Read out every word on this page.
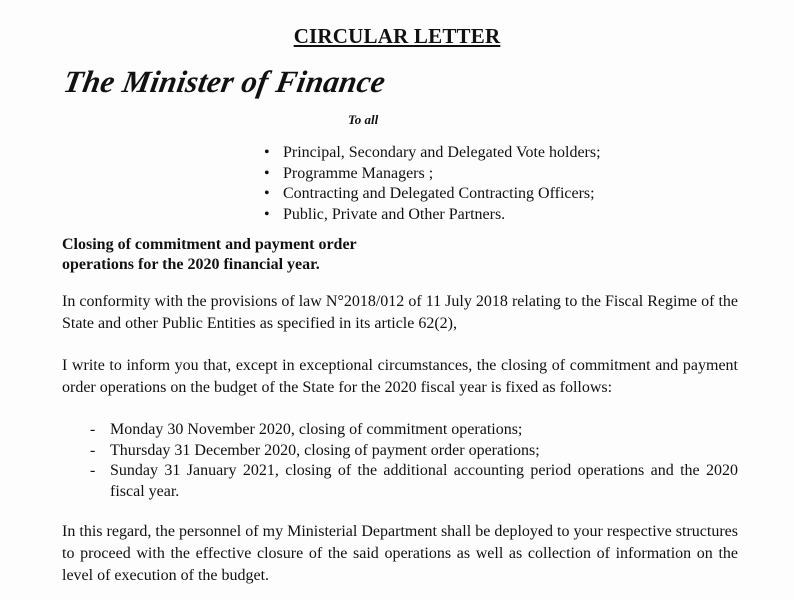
CIRCULAR LETTER
The Minister of Finance
To all
• Principal, Secondary and Delegated Vote holders;
• Programme Managers ;
• Contracting and Delegated Contracting Officers;
• Public, Private and Other Partners.
Closing of commitment and payment order
operations for the 2020 financial year.
In conformity with the provisions of law N°2018/012 of 11 July 2018 relating to the Fiscal Regime of the State and other Public Entities as specified in its article 62(2),
I write to inform you that, except in exceptional circumstances, the closing of commitment and payment order operations on the budget of the State for the 2020 fiscal year is fixed as follows:
- Monday 30 November 2020, closing of commitment operations;
- Thursday 31 December 2020, closing of payment order operations;
- Sunday 31 January 2021, closing of the additional accounting period operations and the 2020 fiscal year.
In this regard, the personnel of my Ministerial Department shall be deployed to your respective structures to proceed with the effective closure of the said operations as well as collection of information on the level of execution of the budget.
